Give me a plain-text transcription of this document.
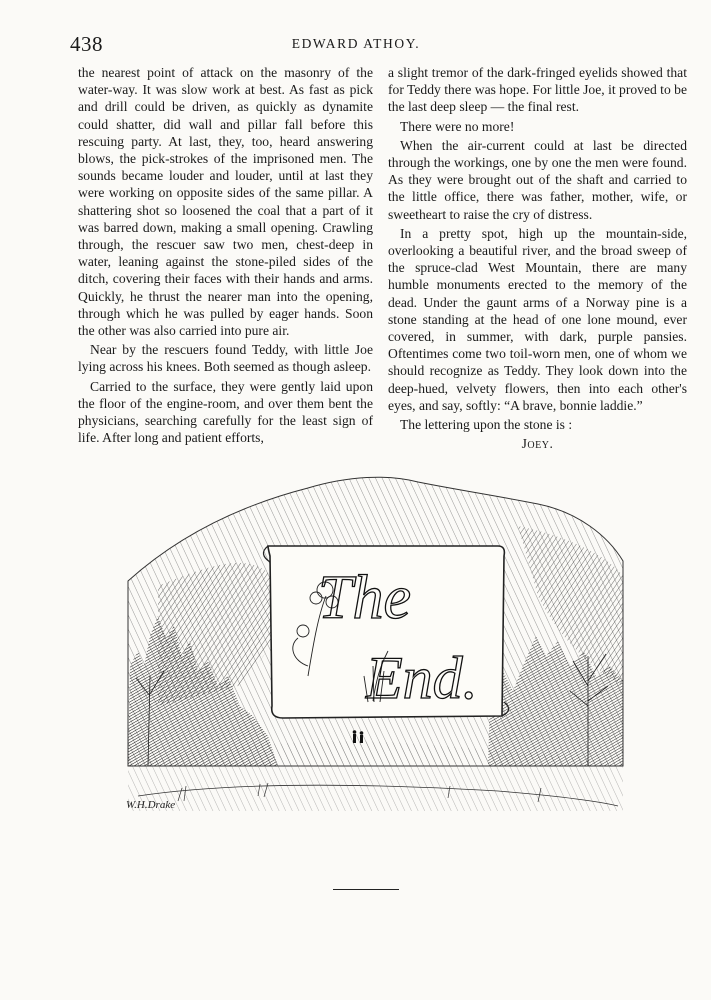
438	EDWARD ATHOY.

the nearest point of attack on the masonry of the water-way. It was slow work at best. As fast as pick and drill could be driven, as quickly as dynamite could shatter, did wall and pillar fall before this rescuing party. At last, they, too, heard answering blows, the pick-strokes of the imprisoned men. The sounds became louder and louder, until at last they were working on opposite sides of the same pillar. A shattering shot so loosened the coal that a part of it was barred down, making a small opening. Crawling through, the rescuer saw two men, chest-deep in water, leaning against the stone-piled sides of the ditch, covering their faces with their hands and arms. Quickly, he thrust the nearer man into the opening, through which he was pulled by eager hands. Soon the other was also carried into pure air.

Near by the rescuers found Teddy, with little Joe lying across his knees. Both seemed as though asleep.

Carried to the surface, they were gently laid upon the floor of the engine-room, and over them bent the physicians, searching carefully for the least sign of life. After long and patient efforts,

a slight tremor of the dark-fringed eyelids showed that for Teddy there was hope. For little Joe, it proved to be the last deep sleep — the final rest.

There were no more!

When the air-current could at last be directed through the workings, one by one the men were found. As they were brought out of the shaft and carried to the little office, there was father, mother, wife, or sweetheart to raise the cry of distress.

In a pretty spot, high up the mountain-side, overlooking a beautiful river, and the broad sweep of the spruce-clad West Mountain, there are many humble monuments erected to the memory of the dead. Under the gaunt arms of a Norway pine is a stone standing at the head of one lone mound, ever covered, in summer, with dark, purple pansies. Oftentimes come two toil-worn men, one of whom we should recognize as Teddy. They look down into the deep-hued, velvety flowers, then into each other's eyes, and say, softly: “A brave, bonnie laddie.”

The lettering upon the stone is :

Joey.

The
End.
W.H.Drake
